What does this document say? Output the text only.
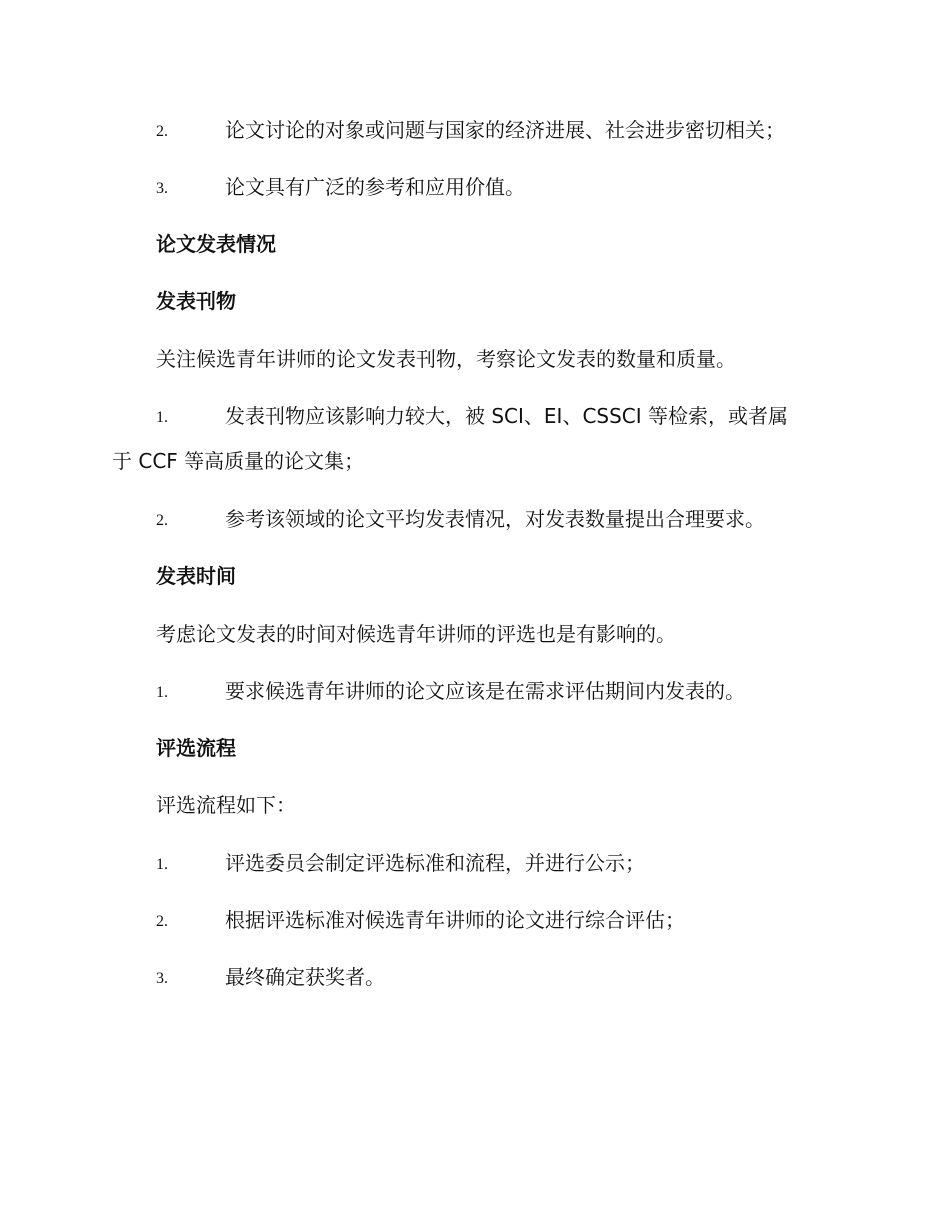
2.	论文讨论的对象或问题与国家的经济进展、社会进步密切相关；
3.	论文具有广泛的参考和应用价值。
论文发表情况
发表刊物
关注候选青年讲师的论文发表刊物，考察论文发表的数量和质量。
1.	发表刊物应该影响力较大，被 SCI、EI、CSSCI 等检索，或者属
于 CCF 等高质量的论文集；
2.	参考该领域的论文平均发表情况，对发表数量提出合理要求。
发表时间
考虑论文发表的时间对候选青年讲师的评选也是有影响的。
1.	要求候选青年讲师的论文应该是在需求评估期间内发表的。
评选流程
评选流程如下：
1.	评选委员会制定评选标准和流程，并进行公示；
2.	根据评选标准对候选青年讲师的论文进行综合评估；
3.	最终确定获奖者。
